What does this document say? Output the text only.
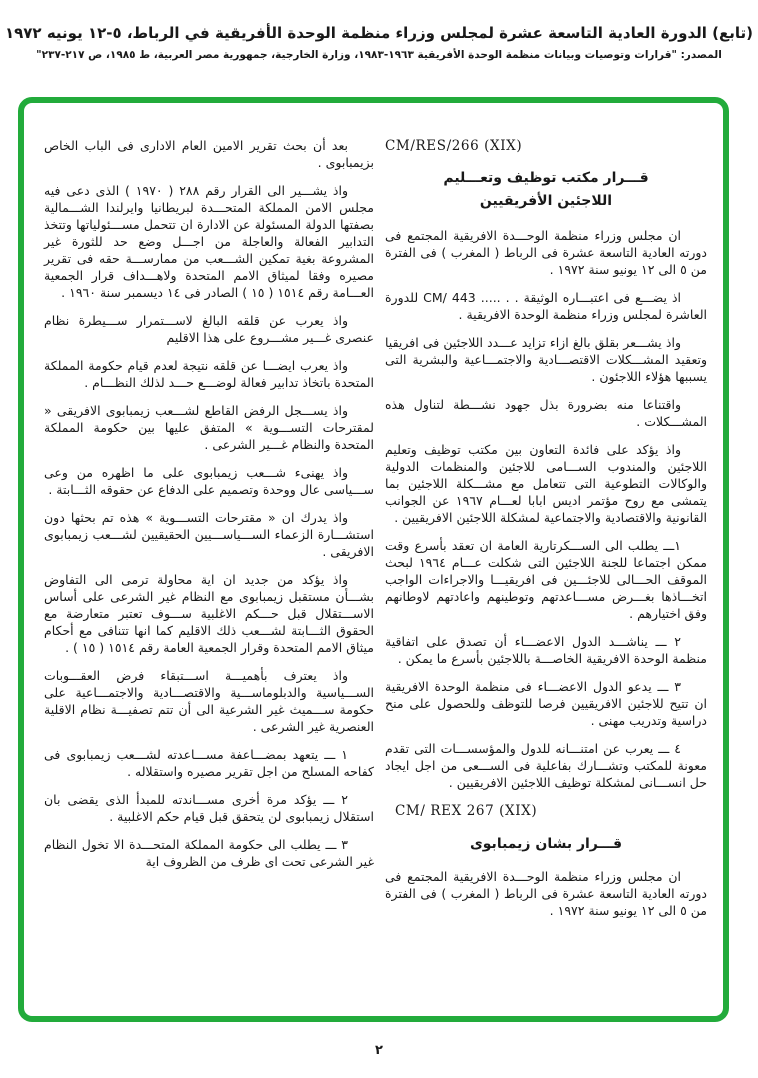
(تابع) الدورة العادية التاسعة عشرة لمجلس وزراء منظمة الوحدة الأفريقية في الرباط، ٥-١٢ يونيه ١٩٧٢
المصدر: "قرارات وتوصيات وبيانات منظمة الوحدة الأفريقية ١٩٦٣-١٩٨٣، وزارة الخارجية، جمهورية مصر العربية، ط ١٩٨٥، ص ٢١٧-٢٣٧"
CM/RES/266 (XIX)
قـــرار مكتب توظيف وتعـــليم
اللاجئين الأفريقيين

ان مجلس وزراء منظمة الوحـــدة الافريقية المجتمع فى دورته العادية التاسعة عشرة فى الرباط ( المغرب ) فى الفترة من ٥ الى ١٢ يونيو سنة ١٩٧٢ .

اذ يضـــع فى اعتبـــاره الوثيقة . . ..... CM/ 443 للدورة العاشرة لمجلس وزراء منظمة الوحدة الافريقية .

واذ يشـــعر بقلق بالغ ازاء تزايد عـــدد اللاجئين فى افريقيا وتعقيد المشـــكلات الاقتصـــادية والاجتمـــاعية والبشرية التى يسببها هؤلاء اللاجئون .

واقتناعا منه بضرورة بذل جهود نشـــطة لتناول هذه المشـــكلات .

واذ يؤكد على فائدة التعاون بين مكتب توظيف وتعليم اللاجئين والمندوب الســـامى للاجئين والمنظمات الدولية والوكالات التطوعية التى تتعامل مع مشـــكلة اللاجئين بما يتمشى مع روح مؤتمر اديس ابابا لعـــام ١٩٦٧ عن الجوانب القانونية والاقتصادية والاجتماعية لمشكلة اللاجئين الافريقيين .

١ـــ يطلب الى الســـكرتارية العامة ان تعقد بأسرع وقت ممكن اجتماعا للجنة اللاجئين التى شكلت عـــام ١٩٦٤ لبحث الموقف الحـــالى للاجئـــين فى افريقيـــا والاجراءات الواجب اتخـــاذها بغـــرض مســـاعدتهم وتوطينهم واعادتهم لاوطانهم وفق اختيارهم .

٢ ـــ يناشـــد الدول الاعضـــاء أن تصدق على اتفاقية منظمة الوحدة الافريقية الخاصـــة باللاجئين بأسرع ما يمكن .

٣ ـــ يدعو الدول الاعضـــاء فى منظمة الوحدة الافريقية ان تتيح للاجئين الافريقيين فرصا للتوظف وللحصول على منح دراسية وتدريب مهنى .

٤ ـــ يعرب عن امتنـــانه للدول والمؤسســـات التى تقدم معونة للمكتب وتشـــارك بفاعلية فى الســـعى من اجل ايجاد حل انســـانى لمشكلة توظيف اللاجئين الافريقيين .

CM/ REX 267 (XIX)
قـــرار بشان زيمبابوى

ان مجلس وزراء منظمة الوحـــدة الافريقية المجتمع فى دورته العادية التاسعة عشرة فى الرباط ( المغرب ) فى الفترة من ٥ الى ١٢ يونيو سنة ١٩٧٢ .

بعد أن بحث تقرير الامين العام الادارى فى الباب الخاص بزيمبابوى .

واذ يشـــير الى القرار رقم ٢٨٨ ( ١٩٧٠ ) الذى دعى فيه مجلس الامن المملكة المتحـــدة لبريطانيا وايرلندا الشـــمالية بصفتها الدولة المسئولة عن الادارة ان تتحمل مســـئولياتها وتتخذ التدابير الفعالة والعاجلة من اجـــل وضع حد للثورة غير المشروعة بغية تمكين الشـــعب من ممارســـة حقه فى تقرير مصيره وفقا لميثاق الامم المتحدة ولاهـــداف قرار الجمعية العـــامة رقم ١٥١٤ ( ١٥ ) الصادر فى ١٤ ديسمبر سنة ١٩٦٠ .

واذ يعرب عن قلقه البالغ لاســـتمرار ســـيطرة نظام عنصرى غـــير مشـــروع على هذا الاقليم

واذ يعرب ايضـــا عن قلقه نتيجة لعدم قيام حكومة المملكة المتحدة باتخاذ تدابير فعالة لوضـــع حـــد لذلك النظـــام .

واذ يســـجل الرفض القاطع لشـــعب زيمبابوى الافريقى « لمقترحات التســـوية » المتفق عليها بين حكومة المملكة المتحدة والنظام غـــير الشرعى .

واذ يهنىء شـــعب زيمبابوى على ما اظهره من وعى ســـياسى عال ووحدة وتصميم على الدفاع عن حقوقه الثـــابتة .

واذ يدرك ان « مقترحات التســـوية » هذه تم بحثها دون استشـــارة الزعماء الســـياســـيين الحقيقيين لشـــعب زيمبابوى الافريقى .

واذ يؤكد من جديد ان اية محاولة ترمى الى التفاوض بشـــأن مستقبل زيمبابوى مع النظام غير الشرعى على أساس الاســـتقلال قبل حـــكم الاغلبية ســـوف تعتبر متعارضة مع الحقوق الثـــابتة لشـــعب ذلك الاقليم كما انها تتنافى مع أحكام ميثاق الامم المتحدة وقرار الجمعية العامة رقم ١٥١٤ ( ١٥ ) .

واذ يعترف بأهميـــة اســـتبقاء فرض العقـــوبات الســـياسية والدبلوماســـية والاقتصـــادية والاجتمـــاعية على حكومة ســـميث غير الشرعية الى أن تتم تصفيـــة نظام الاقلية العنصرية غير الشرعى .

١ ـــ يتعهد بمضـــاعفة مســـاعدته لشـــعب زيمبابوى فى كفاحه المسلح من اجل تقرير مصيره واستقلاله .

٢ ـــ يؤكد مرة أخرى مســـاندته للمبدأ الذى يقضى بان استقلال زيمبابوى لن يتحقق قبل قيام حكم الاغلبية .

٣ ـــ يطلب الى حكومة المملكة المتحـــدة الا تخول النظام غير الشرعى تحت اى ظرف من الظروف اية

٢
